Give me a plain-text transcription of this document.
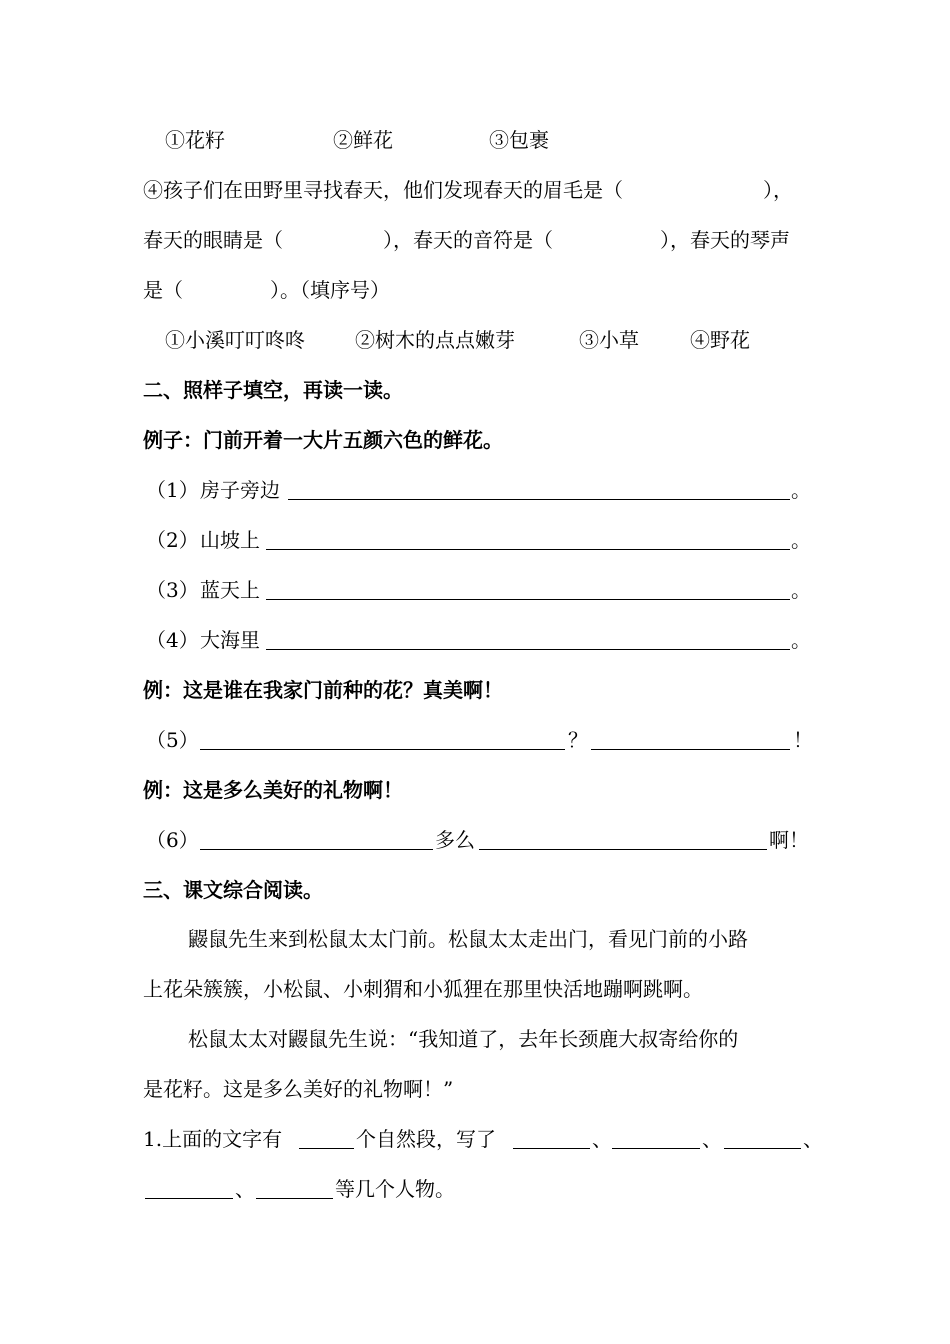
①花籽	②鲜花	③包裹
④孩子们在田野里寻找春天，他们发现春天的眉毛是（	），
春天的眼睛是（	），春天的音符是（	），春天的琴声
是（	）。（填序号）
①小溪叮叮咚咚	②树木的点点嫩芽	③小草	④野花
二、照样子填空，再读一读。
例子：门前开着一大片五颜六色的鲜花。
（1） 房子旁边	。
（2） 山坡上	。
（3） 蓝天上	。
（4） 大海里	。
例：这是谁在我家门前种的花？真美啊！
（5）	？	！
例：这是多么美好的礼物啊！
（6）	多么	啊！
三、课文综合阅读。
鼹鼠先生来到松鼠太太门前。松鼠太太走出门，看见门前的小路
上花朵簇簇，小松鼠、小刺猬和小狐狸在那里快活地蹦啊跳啊。
松鼠太太对鼹鼠先生说：“我知道了，去年长颈鹿大叔寄给你的
是花籽。这是多么美好的礼物啊！”
1.上面的文字有	个自然段，写了	、	、	、
、	等几个人物。
